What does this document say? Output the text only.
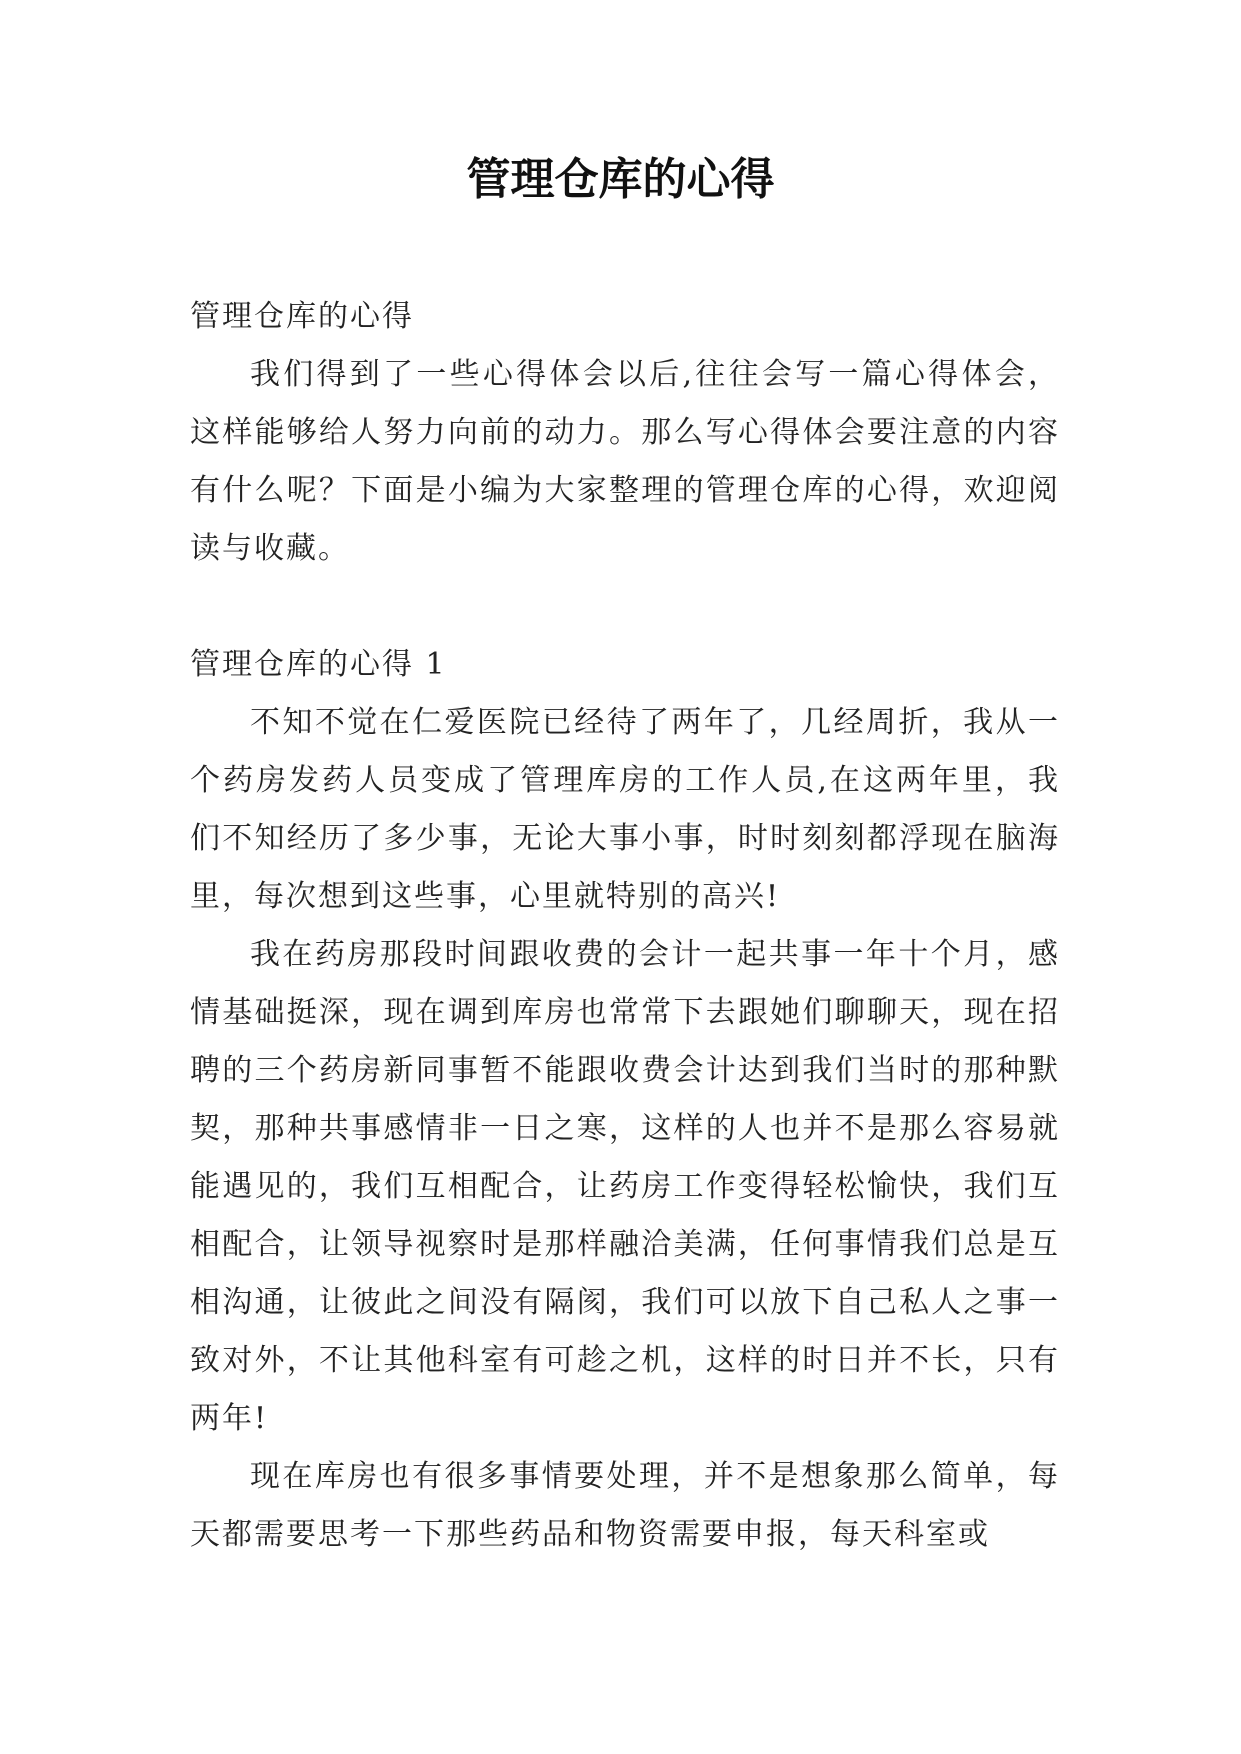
管理仓库的心得

管理仓库的心得

我们得到了一些心得体会以后,往往会写一篇心得体会，这样能够给人努力向前的动力。那么写心得体会要注意的内容有什么呢？下面是小编为大家整理的管理仓库的心得，欢迎阅读与收藏。

管理仓库的心得 1

不知不觉在仁爱医院已经待了两年了，几经周折，我从一个药房发药人员变成了管理库房的工作人员,在这两年里，我们不知经历了多少事，无论大事小事，时时刻刻都浮现在脑海里，每次想到这些事，心里就特别的高兴!

我在药房那段时间跟收费的会计一起共事一年十个月，感情基础挺深，现在调到库房也常常下去跟她们聊聊天，现在招聘的三个药房新同事暂不能跟收费会计达到我们当时的那种默契，那种共事感情非一日之寒，这样的人也并不是那么容易就能遇见的，我们互相配合，让药房工作变得轻松愉快，我们互相配合，让领导视察时是那样融洽美满，任何事情我们总是互相沟通，让彼此之间没有隔阂，我们可以放下自己私人之事一致对外，不让其他科室有可趁之机，这样的时日并不长，只有两年!

现在库房也有很多事情要处理，并不是想象那么简单，每天都需要思考一下那些药品和物资需要申报，每天科室或
